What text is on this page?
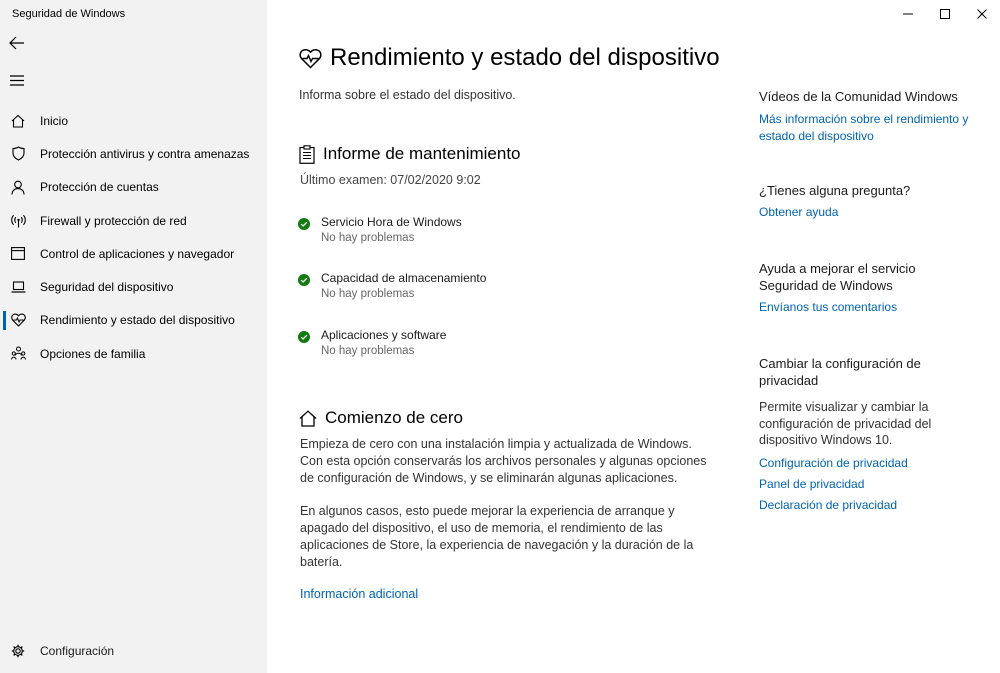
Seguridad de Windows
Inicio
Protección antivirus y contra amenazas
Protección de cuentas
Firewall y protección de red
Control de aplicaciones y navegador
Seguridad del dispositivo
Rendimiento y estado del dispositivo
Opciones de familia
Configuración
Rendimiento y estado del dispositivo
Informa sobre el estado del dispositivo.
Informe de mantenimiento
Último examen: 07/02/2020 9:02
Servicio Hora de Windows
No hay problemas
Capacidad de almacenamiento
No hay problemas
Aplicaciones y software
No hay problemas
Comienzo de cero

Empieza de cero con una instalación limpia y actualizada de Windows. Con esta opción conservarás los archivos personales y algunas opciones de configuración de Windows, y se eliminarán algunas aplicaciones.

En algunos casos, esto puede mejorar la experiencia de arranque y apagado del dispositivo, el uso de memoria, el rendimiento de las aplicaciones de Store, la experiencia de navegación y la duración de la batería.

Información adicional
Vídeos de la Comunidad Windows
Más información sobre el rendimiento y estado del dispositivo
¿Tienes alguna pregunta?
Obtener ayuda
Ayuda a mejorar el servicio Seguridad de Windows
Envíanos tus comentarios
Cambiar la configuración de privacidad
Permite visualizar y cambiar la configuración de privacidad del dispositivo Windows 10.
Configuración de privacidad
Panel de privacidad
Declaración de privacidad
